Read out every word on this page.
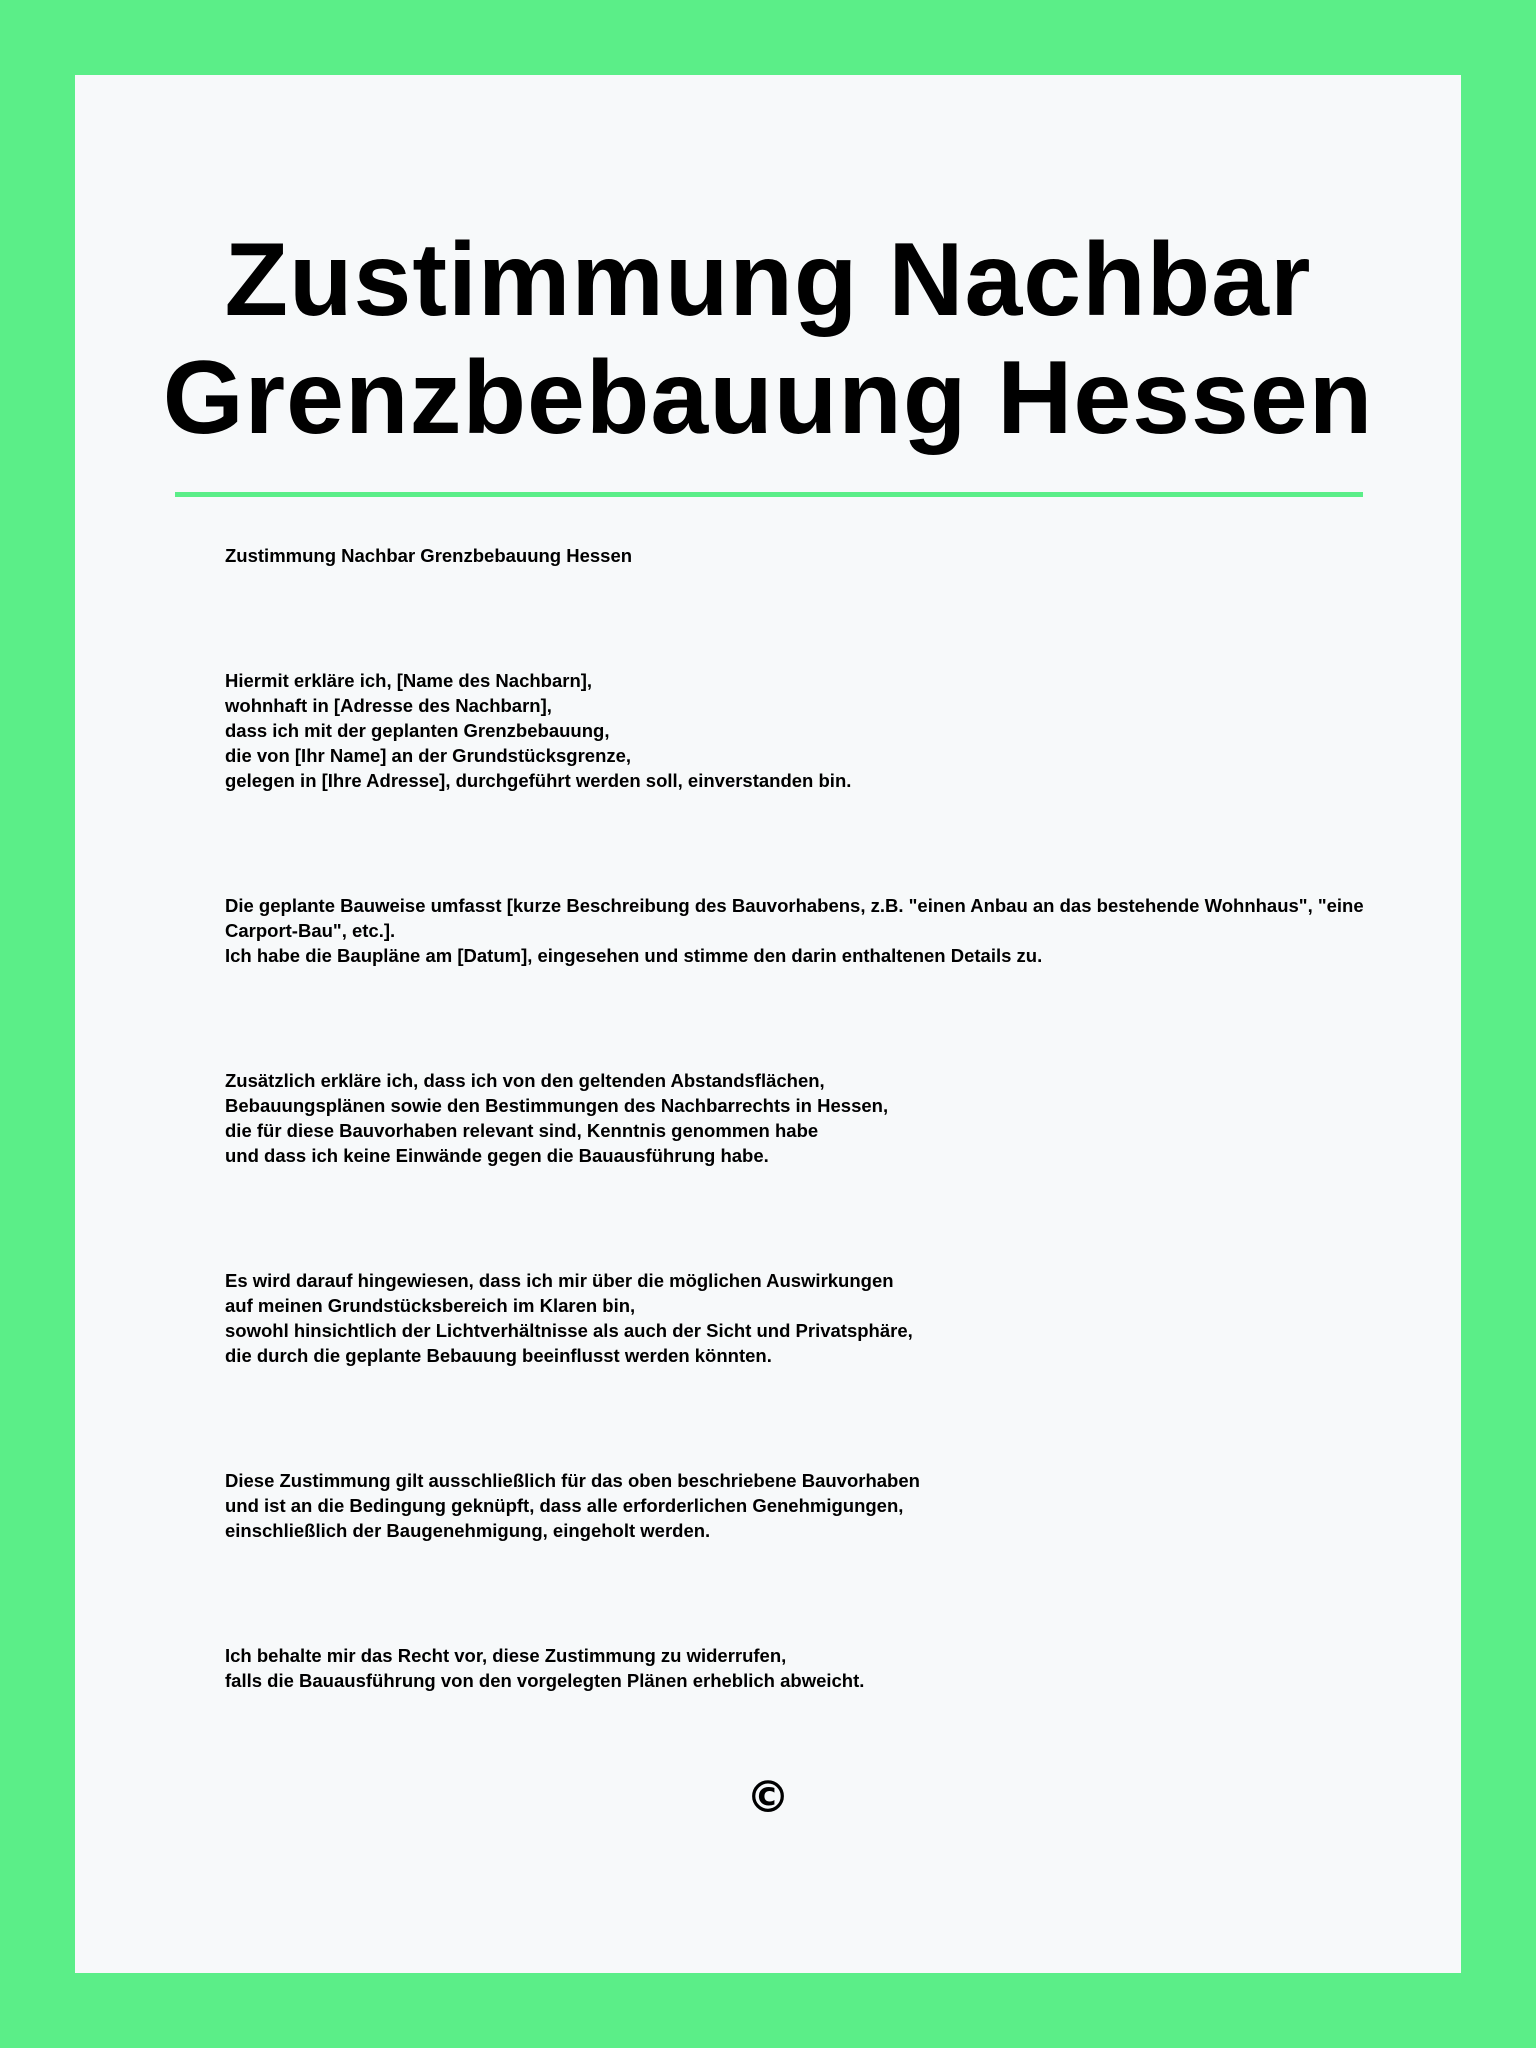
Zustimmung Nachbar
Grenzbebauung Hessen

Zustimmung Nachbar Grenzbebauung Hessen

Hiermit erkläre ich, [Name des Nachbarn],
wohnhaft in [Adresse des Nachbarn],
dass ich mit der geplanten Grenzbebauung,
die von [Ihr Name] an der Grundstücksgrenze,
gelegen in [Ihre Adresse], durchgeführt werden soll, einverstanden bin.

Die geplante Bauweise umfasst [kurze Beschreibung des Bauvorhabens, z.B. "einen Anbau an das bestehende Wohnhaus", "eine Carport-Bau", etc.].
Ich habe die Baupläne am [Datum], eingesehen und stimme den darin enthaltenen Details zu.

Zusätzlich erkläre ich, dass ich von den geltenden Abstandsflächen,
Bebauungsplänen sowie den Bestimmungen des Nachbarrechts in Hessen,
die für diese Bauvorhaben relevant sind, Kenntnis genommen habe
und dass ich keine Einwände gegen die Bauausführung habe.

Es wird darauf hingewiesen, dass ich mir über die möglichen Auswirkungen
auf meinen Grundstücksbereich im Klaren bin,
sowohl hinsichtlich der Lichtverhältnisse als auch der Sicht und Privatsphäre,
die durch die geplante Bebauung beeinflusst werden könnten.

Diese Zustimmung gilt ausschließlich für das oben beschriebene Bauvorhaben
und ist an die Bedingung geknüpft, dass alle erforderlichen Genehmigungen,
einschließlich der Baugenehmigung, eingeholt werden.

Ich behalte mir das Recht vor, diese Zustimmung zu widerrufen,
falls die Bauausführung von den vorgelegten Plänen erheblich abweicht.

©
